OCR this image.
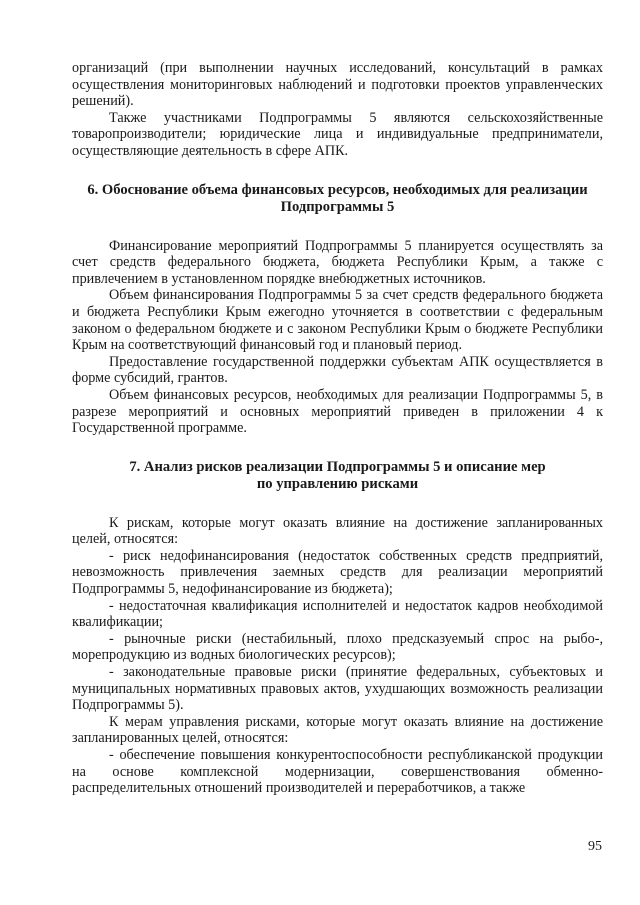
организаций (при выполнении научных исследований, консультаций в рамках осуществления мониторинговых наблюдений и подготовки проектов управленческих решений).

Также участниками Подпрограммы 5 являются сельскохозяйственные товаропроизводители; юридические лица и индивидуальные предприниматели, осуществляющие деятельность в сфере АПК.

6. Обоснование объема финансовых ресурсов, необходимых для реализации
Подпрограммы 5

Финансирование мероприятий Подпрограммы 5 планируется осуществлять за счет средств федерального бюджета, бюджета Республики Крым, а также с привлечением в установленном порядке внебюджетных источников.

Объем финансирования Подпрограммы 5 за счет средств федерального бюджета и бюджета Республики Крым ежегодно уточняется в соответствии с федеральным законом о федеральном бюджете и с законом Республики Крым о бюджете Республики Крым на соответствующий финансовый год и плановый период.

Предоставление государственной поддержки субъектам АПК осуществляется в форме субсидий, грантов.

Объем финансовых ресурсов, необходимых для реализации Подпрограммы 5, в разрезе мероприятий и основных мероприятий приведен в приложении 4 к Государственной программе.

7. Анализ рисков реализации Подпрограммы 5 и описание мер
по управлению рисками

К рискам, которые могут оказать влияние на достижение запланированных целей, относятся:

- риск недофинансирования (недостаток собственных средств предприятий, невозможность привлечения заемных средств для реализации мероприятий Подпрограммы 5, недофинансирование из бюджета);

- недостаточная квалификация исполнителей и недостаток кадров необходимой квалификации;

- рыночные риски (нестабильный, плохо предсказуемый спрос на рыбо-, морепродукцию из водных биологических ресурсов);

- законодательные правовые риски (принятие федеральных, субъектовых и муниципальных нормативных правовых актов, ухудшающих возможность реализации Подпрограммы 5).

К мерам управления рисками, которые могут оказать влияние на достижение запланированных целей, относятся:

- обеспечение повышения конкурентоспособности республиканской продукции на основе комплексной модернизации, совершенствования обменно-распределительных отношений производителей и переработчиков, а также

95
